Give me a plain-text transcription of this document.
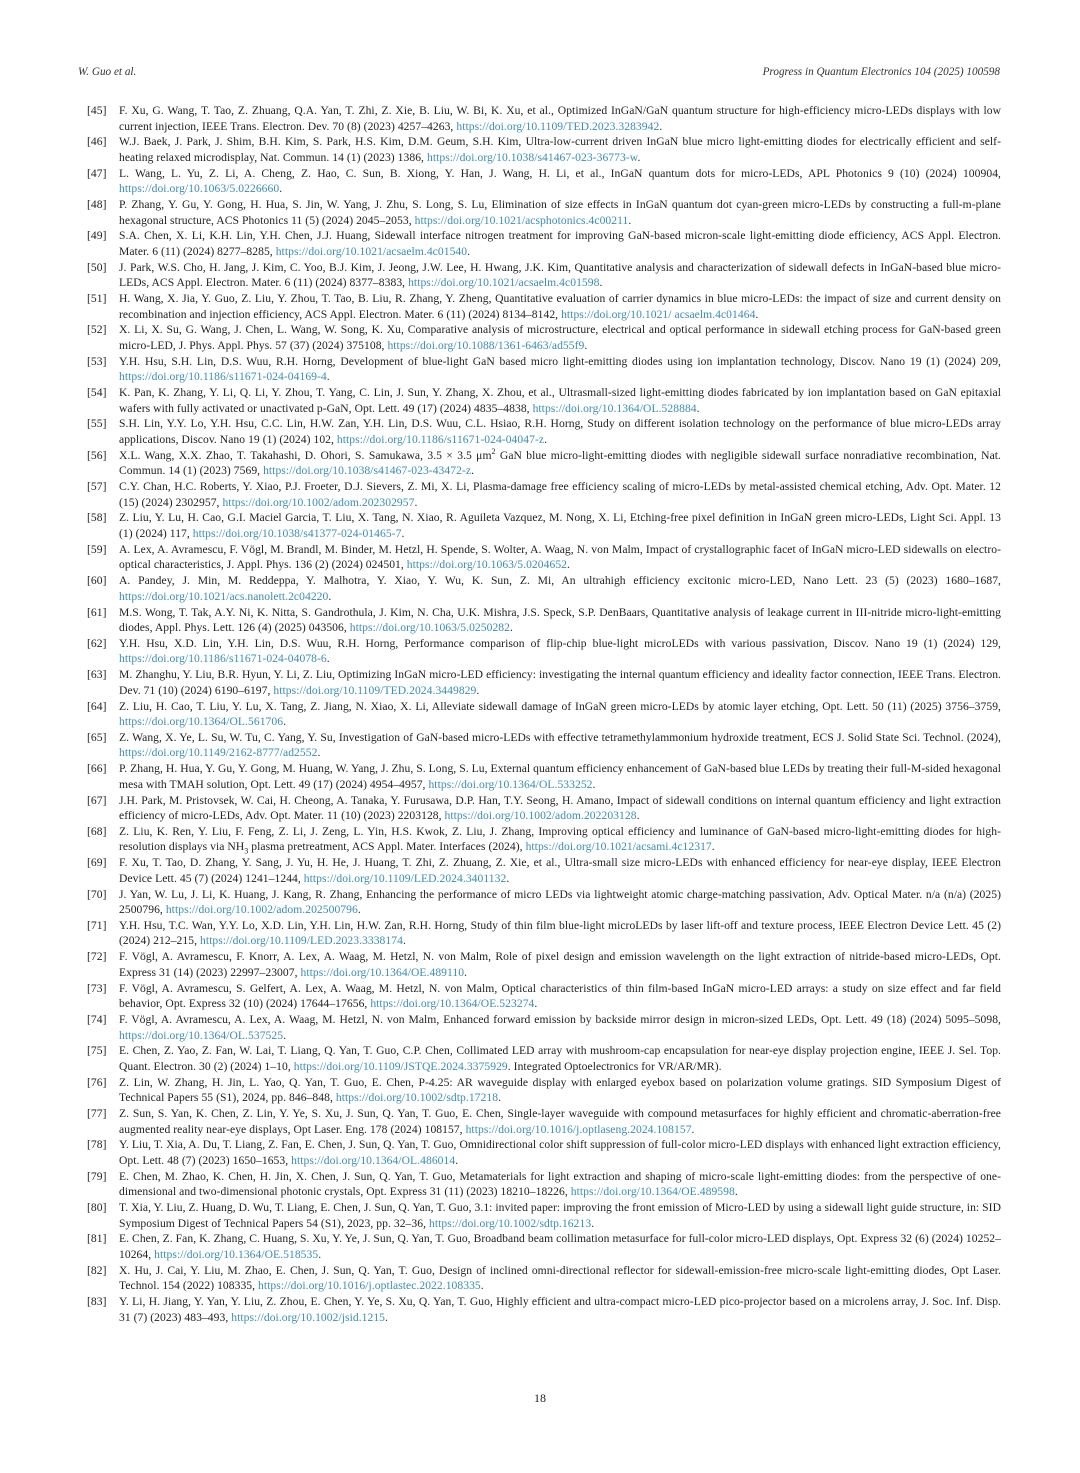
W. Guo et al.	Progress in Quantum Electronics 104 (2025) 100598
[45] F. Xu, G. Wang, T. Tao, Z. Zhuang, Q.A. Yan, T. Zhi, Z. Xie, B. Liu, W. Bi, K. Xu, et al., Optimized InGaN/GaN quantum structure for high-efficiency micro-LEDs displays with low current injection, IEEE Trans. Electron. Dev. 70 (8) (2023) 4257–4263, https://doi.org/10.1109/TED.2023.3283942.
[46] W.J. Baek, J. Park, J. Shim, B.H. Kim, S. Park, H.S. Kim, D.M. Geum, S.H. Kim, Ultra-low-current driven InGaN blue micro light-emitting diodes for electrically efficient and self-heating relaxed microdisplay, Nat. Commun. 14 (1) (2023) 1386, https://doi.org/10.1038/s41467-023-36773-w.
[47] L. Wang, L. Yu, Z. Li, A. Cheng, Z. Hao, C. Sun, B. Xiong, Y. Han, J. Wang, H. Li, et al., InGaN quantum dots for micro-LEDs, APL Photonics 9 (10) (2024) 100904, https://doi.org/10.1063/5.0226660.
[48] P. Zhang, Y. Gu, Y. Gong, H. Hua, S. Jin, W. Yang, J. Zhu, S. Long, S. Lu, Elimination of size effects in InGaN quantum dot cyan-green micro-LEDs by constructing a full-m-plane hexagonal structure, ACS Photonics 11 (5) (2024) 2045–2053, https://doi.org/10.1021/acsphotonics.4c00211.
[49] S.A. Chen, X. Li, K.H. Lin, Y.H. Chen, J.J. Huang, Sidewall interface nitrogen treatment for improving GaN-based micron-scale light-emitting diode efficiency, ACS Appl. Electron. Mater. 6 (11) (2024) 8277–8285, https://doi.org/10.1021/acsaelm.4c01540.
[50] J. Park, W.S. Cho, H. Jang, J. Kim, C. Yoo, B.J. Kim, J. Jeong, J.W. Lee, H. Hwang, J.K. Kim, Quantitative analysis and characterization of sidewall defects in InGaN-based blue micro-LEDs, ACS Appl. Electron. Mater. 6 (11) (2024) 8377–8383, https://doi.org/10.1021/acsaelm.4c01598.
[51] H. Wang, X. Jia, Y. Guo, Z. Liu, Y. Zhou, T. Tao, B. Liu, R. Zhang, Y. Zheng, Quantitative evaluation of carrier dynamics in blue micro-LEDs: the impact of size and current density on recombination and injection efficiency, ACS Appl. Electron. Mater. 6 (11) (2024) 8134–8142, https://doi.org/10.1021/ acsaelm.4c01464.
[52] X. Li, X. Su, G. Wang, J. Chen, L. Wang, W. Song, K. Xu, Comparative analysis of microstructure, electrical and optical performance in sidewall etching process for GaN-based green micro-LED, J. Phys. Appl. Phys. 57 (37) (2024) 375108, https://doi.org/10.1088/1361-6463/ad55f9.
[53] Y.H. Hsu, S.H. Lin, D.S. Wuu, R.H. Horng, Development of blue-light GaN based micro light-emitting diodes using ion implantation technology, Discov. Nano 19 (1) (2024) 209, https://doi.org/10.1186/s11671-024-04169-4.
[54] K. Pan, K. Zhang, Y. Li, Q. Li, Y. Zhou, T. Yang, C. Lin, J. Sun, Y. Zhang, X. Zhou, et al., Ultrasmall-sized light-emitting diodes fabricated by ion implantation based on GaN epitaxial wafers with fully activated or unactivated p-GaN, Opt. Lett. 49 (17) (2024) 4835–4838, https://doi.org/10.1364/OL.528884.
[55] S.H. Lin, Y.Y. Lo, Y.H. Hsu, C.C. Lin, H.W. Zan, Y.H. Lin, D.S. Wuu, C.L. Hsiao, R.H. Horng, Study on different isolation technology on the performance of blue micro-LEDs array applications, Discov. Nano 19 (1) (2024) 102, https://doi.org/10.1186/s11671-024-04047-z.
[56] X.L. Wang, X.X. Zhao, T. Takahashi, D. Ohori, S. Samukawa, 3.5 × 3.5 $\mu m^2$ GaN blue micro-light-emitting diodes with negligible sidewall surface nonradiative recombination, Nat. Commun. 14 (1) (2023) 7569, https://doi.org/10.1038/s41467-023-43472-z.
[57] C.Y. Chan, H.C. Roberts, Y. Xiao, P.J. Froeter, D.J. Sievers, Z. Mi, X. Li, Plasma-damage free efficiency scaling of micro-LEDs by metal-assisted chemical etching, Adv. Opt. Mater. 12 (15) (2024) 2302957, https://doi.org/10.1002/adom.202302957.
[58] Z. Liu, Y. Lu, H. Cao, G.I. Maciel Garcia, T. Liu, X. Tang, N. Xiao, R. Aguileta Vazquez, M. Nong, X. Li, Etching-free pixel definition in InGaN green micro-LEDs, Light Sci. Appl. 13 (1) (2024) 117, https://doi.org/10.1038/s41377-024-01465-7.
[59] A. Lex, A. Avramescu, F. Vögl, M. Brandl, M. Binder, M. Hetzl, H. Spende, S. Wolter, A. Waag, N. von Malm, Impact of crystallographic facet of InGaN micro-LED sidewalls on electro-optical characteristics, J. Appl. Phys. 136 (2) (2024) 024501, https://doi.org/10.1063/5.0204652.
[60] A. Pandey, J. Min, M. Reddeppa, Y. Malhotra, Y. Xiao, Y. Wu, K. Sun, Z. Mi, An ultrahigh efficiency excitonic micro-LED, Nano Lett. 23 (5) (2023) 1680–1687, https://doi.org/10.1021/acs.nanolett.2c04220.
[61] M.S. Wong, T. Tak, A.Y. Ni, K. Nitta, S. Gandrothula, J. Kim, N. Cha, U.K. Mishra, J.S. Speck, S.P. DenBaars, Quantitative analysis of leakage current in III-nitride micro-light-emitting diodes, Appl. Phys. Lett. 126 (4) (2025) 043506, https://doi.org/10.1063/5.0250282.
[62] Y.H. Hsu, X.D. Lin, Y.H. Lin, D.S. Wuu, R.H. Horng, Performance comparison of flip-chip blue-light microLEDs with various passivation, Discov. Nano 19 (1) (2024) 129, https://doi.org/10.1186/s11671-024-04078-6.
[63] M. Zhanghu, Y. Liu, B.R. Hyun, Y. Li, Z. Liu, Optimizing InGaN micro-LED efficiency: investigating the internal quantum efficiency and ideality factor connection, IEEE Trans. Electron. Dev. 71 (10) (2024) 6190–6197, https://doi.org/10.1109/TED.2024.3449829.
[64] Z. Liu, H. Cao, T. Liu, Y. Lu, X. Tang, Z. Jiang, N. Xiao, X. Li, Alleviate sidewall damage of InGaN green micro-LEDs by atomic layer etching, Opt. Lett. 50 (11) (2025) 3756–3759, https://doi.org/10.1364/OL.561706.
[65] Z. Wang, X. Ye, L. Su, W. Tu, C. Yang, Y. Su, Investigation of GaN-based micro-LEDs with effective tetramethylammonium hydroxide treatment, ECS J. Solid State Sci. Technol. (2024), https://doi.org/10.1149/2162-8777/ad2552.
[66] P. Zhang, H. Hua, Y. Gu, Y. Gong, M. Huang, W. Yang, J. Zhu, S. Long, S. Lu, External quantum efficiency enhancement of GaN-based blue LEDs by treating their full-M-sided hexagonal mesa with TMAH solution, Opt. Lett. 49 (17) (2024) 4954–4957, https://doi.org/10.1364/OL.533252.
[67] J.H. Park, M. Pristovsek, W. Cai, H. Cheong, A. Tanaka, Y. Furusawa, D.P. Han, T.Y. Seong, H. Amano, Impact of sidewall conditions on internal quantum efficiency and light extraction efficiency of micro-LEDs, Adv. Opt. Mater. 11 (10) (2023) 2203128, https://doi.org/10.1002/adom.202203128.
[68] Z. Liu, K. Ren, Y. Liu, F. Feng, Z. Li, J. Zeng, L. Yin, H.S. Kwok, Z. Liu, J. Zhang, Improving optical efficiency and luminance of GaN-based micro-light-emitting diodes for high-resolution displays via $NH_3$ plasma pretreatment, ACS Appl. Mater. Interfaces (2024), https://doi.org/10.1021/acsami.4c12317.
[69] F. Xu, T. Tao, D. Zhang, Y. Sang, J. Yu, H. He, J. Huang, T. Zhi, Z. Zhuang, Z. Xie, et al., Ultra-small size micro-LEDs with enhanced efficiency for near-eye display, IEEE Electron Device Lett. 45 (7) (2024) 1241–1244, https://doi.org/10.1109/LED.2024.3401132.
[70] J. Yan, W. Lu, J. Li, K. Huang, J. Kang, R. Zhang, Enhancing the performance of micro LEDs via lightweight atomic charge-matching passivation, Adv. Optical Mater. n/a (n/a) (2025) 2500796, https://doi.org/10.1002/adom.202500796.
[71] Y.H. Hsu, T.C. Wan, Y.Y. Lo, X.D. Lin, Y.H. Lin, H.W. Zan, R.H. Horng, Study of thin film blue-light microLEDs by laser lift-off and texture process, IEEE Electron Device Lett. 45 (2) (2024) 212–215, https://doi.org/10.1109/LED.2023.3338174.
[72] F. Vögl, A. Avramescu, F. Knorr, A. Lex, A. Waag, M. Hetzl, N. von Malm, Role of pixel design and emission wavelength on the light extraction of nitride-based micro-LEDs, Opt. Express 31 (14) (2023) 22997–23007, https://doi.org/10.1364/OE.489110.
[73] F. Vögl, A. Avramescu, S. Gelfert, A. Lex, A. Waag, M. Hetzl, N. von Malm, Optical characteristics of thin film-based InGaN micro-LED arrays: a study on size effect and far field behavior, Opt. Express 32 (10) (2024) 17644–17656, https://doi.org/10.1364/OE.523274.
[74] F. Vögl, A. Avramescu, A. Lex, A. Waag, M. Hetzl, N. von Malm, Enhanced forward emission by backside mirror design in micron-sized LEDs, Opt. Lett. 49 (18) (2024) 5095–5098, https://doi.org/10.1364/OL.537525.
[75] E. Chen, Z. Yao, Z. Fan, W. Lai, T. Liang, Q. Yan, T. Guo, C.P. Chen, Collimated LED array with mushroom-cap encapsulation for near-eye display projection engine, IEEE J. Sel. Top. Quant. Electron. 30 (2) (2024) 1–10, https://doi.org/10.1109/JSTQE.2024.3375929. Integrated Optoelectronics for VR/AR/MR).
[76] Z. Lin, W. Zhang, H. Jin, L. Yao, Q. Yan, T. Guo, E. Chen, P-4.25: AR waveguide display with enlarged eyebox based on polarization volume gratings. SID Symposium Digest of Technical Papers 55 (S1), 2024, pp. 846–848, https://doi.org/10.1002/sdtp.17218.
[77] Z. Sun, S. Yan, K. Chen, Z. Lin, Y. Ye, S. Xu, J. Sun, Q. Yan, T. Guo, E. Chen, Single-layer waveguide with compound metasurfaces for highly efficient and chromatic-aberration-free augmented reality near-eye displays, Opt Laser. Eng. 178 (2024) 108157, https://doi.org/10.1016/j.optlaseng.2024.108157.
[78] Y. Liu, T. Xia, A. Du, T. Liang, Z. Fan, E. Chen, J. Sun, Q. Yan, T. Guo, Omnidirectional color shift suppression of full-color micro-LED displays with enhanced light extraction efficiency, Opt. Lett. 48 (7) (2023) 1650–1653, https://doi.org/10.1364/OL.486014.
[79] E. Chen, M. Zhao, K. Chen, H. Jin, X. Chen, J. Sun, Q. Yan, T. Guo, Metamaterials for light extraction and shaping of micro-scale light-emitting diodes: from the perspective of one-dimensional and two-dimensional photonic crystals, Opt. Express 31 (11) (2023) 18210–18226, https://doi.org/10.1364/OE.489598.
[80] T. Xia, Y. Liu, Z. Huang, D. Wu, T. Liang, E. Chen, J. Sun, Q. Yan, T. Guo, 3.1: invited paper: improving the front emission of Micro-LED by using a sidewall light guide structure, in: SID Symposium Digest of Technical Papers 54 (S1), 2023, pp. 32–36, https://doi.org/10.1002/sdtp.16213.
[81] E. Chen, Z. Fan, K. Zhang, C. Huang, S. Xu, Y. Ye, J. Sun, Q. Yan, T. Guo, Broadband beam collimation metasurface for full-color micro-LED displays, Opt. Express 32 (6) (2024) 10252–10264, https://doi.org/10.1364/OE.518535.
[82] X. Hu, J. Cai, Y. Liu, M. Zhao, E. Chen, J. Sun, Q. Yan, T. Guo, Design of inclined omni-directional reflector for sidewall-emission-free micro-scale light-emitting diodes, Opt Laser. Technol. 154 (2022) 108335, https://doi.org/10.1016/j.optlastec.2022.108335.
[83] Y. Li, H. Jiang, Y. Yan, Y. Liu, Z. Zhou, E. Chen, Y. Ye, S. Xu, Q. Yan, T. Guo, Highly efficient and ultra-compact micro-LED pico-projector based on a microlens array, J. Soc. Inf. Disp. 31 (7) (2023) 483–493, https://doi.org/10.1002/jsid.1215.
18
